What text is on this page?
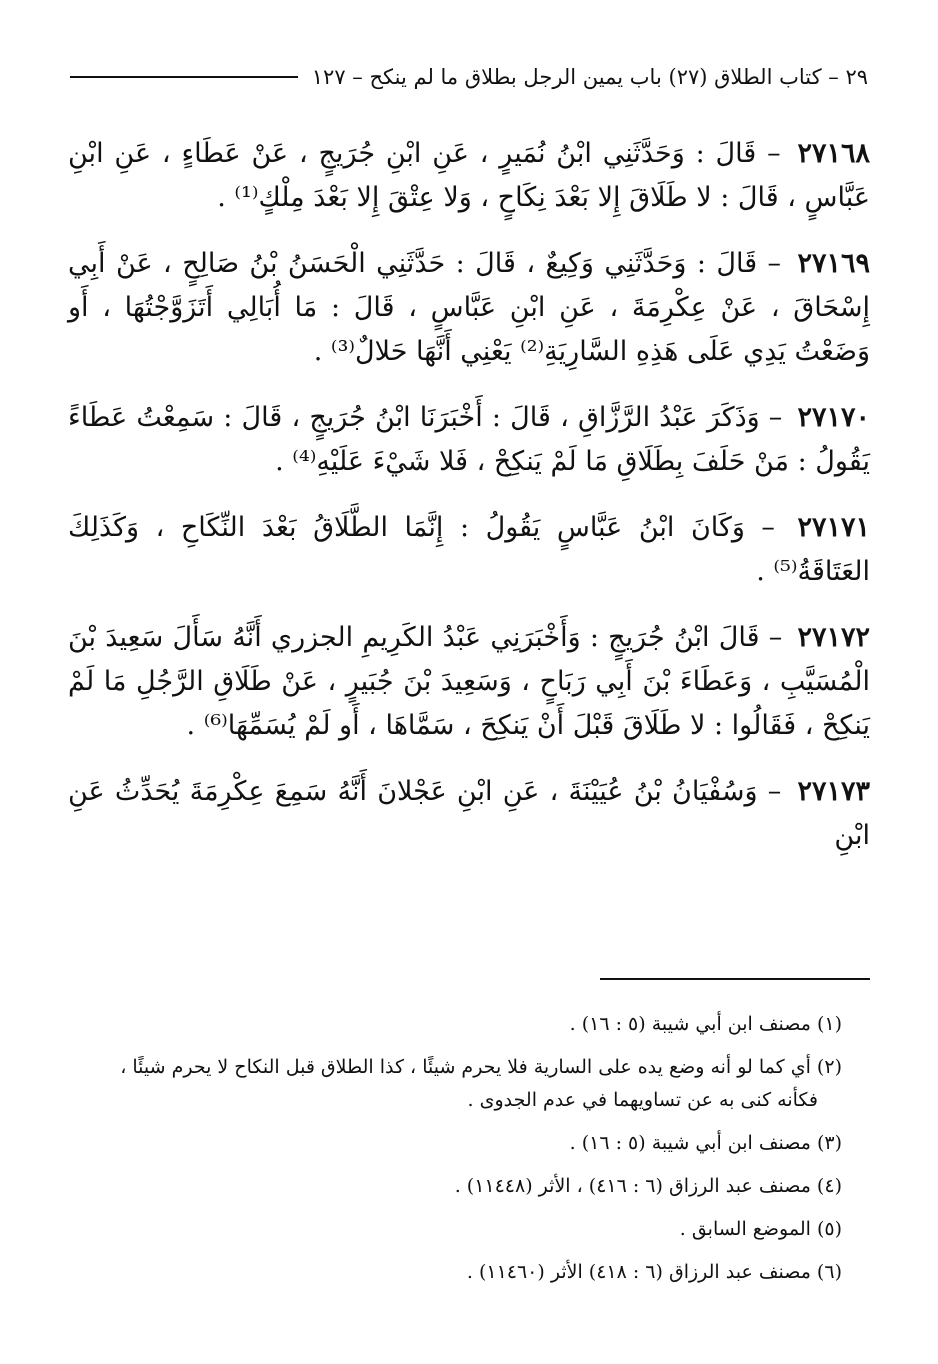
٢٩ – كتاب الطلاق (٢٧) باب يمين الرجل بطلاق ما لم ينكح – ١٢٧

٢٧١٦٨ – قَالَ : وَحَدَّثَنِي ابْنُ نُمَيرٍ ، عَنِ ابْنِ جُرَيجٍ ، عَنْ عَطَاءٍ ، عَنِ ابْنِ عَبَّاسٍ ، قَالَ : لا طَلَاقَ إِلا بَعْدَ نِكَاحٍ ، وَلا عِتْقَ إِلا بَعْدَ مِلْكٍ⁽¹⁾ .

٢٧١٦٩ – قَالَ : وَحَدَّثَنِي وَكِيعٌ ، قَالَ : حَدَّثَنِي الْحَسَنُ بْنُ صَالِحٍ ، عَنْ أَبِي إِسْحَاقَ ، عَنْ عِكْرِمَةَ ، عَنِ ابْنِ عَبَّاسٍ ، قَالَ : مَا أُبَالِي أَتَزَوَّجْتُهَا ، أَو وَضَعْتُ يَدِي عَلَى هَذِهِ السَّارِيَةِ⁽²⁾ يَعْنِي أَنَّهَا حَلالٌ⁽³⁾ .

٢٧١٧٠ – وَذَكَرَ عَبْدُ الرَّزَّاقِ ، قَالَ : أَخْبَرَنَا ابْنُ جُرَيجٍ ، قَالَ : سَمِعْتُ عَطَاءً يَقُولُ : مَنْ حَلَفَ بِطَلَاقِ مَا لَمْ يَنكِحْ ، فَلا شَيْءَ عَلَيْهِ⁽⁴⁾ .

٢٧١٧١ – وَكَانَ ابْنُ عَبَّاسٍ يَقُولُ : إِنَّمَا الطَّلَاقُ بَعْدَ النِّكَاحِ ، وَكَذَلِكَ العَتَاقَةُ⁽⁵⁾ .

٢٧١٧٢ – قَالَ ابْنُ جُرَيجٍ : وَأَخْبَرَنِي عَبْدُ الكَرِيمِ الجزري أَنَّهُ سَأَلَ سَعِيدَ بْنَ الْمُسَيَّبِ ، وَعَطَاءَ بْنَ أَبِي رَبَاحٍ ، وَسَعِيدَ بْنَ جُبَيرٍ ، عَنْ طَلَاقِ الرَّجُلِ مَا لَمْ يَنكِحْ ، فَقَالُوا : لا طَلَاقَ قَبْلَ أَنْ يَنكِحَ ، سَمَّاهَا ، أَو لَمْ يُسَمِّهَا⁽⁶⁾ .

٢٧١٧٣ – وَسُفْيَانُ بْنُ عُيَيْنَةَ ، عَنِ ابْنِ عَجْلانَ أَنَّهُ سَمِعَ عِكْرِمَةَ يُحَدِّثُ عَنِ ابْنِ

(١) مصنف ابن أبي شيبة (٥ : ١٦) .

(٢) أي كما لو أنه وضع يده على السارية فلا يحرم شيئًا ، كذا الطلاق قبل النكاح لا يحرم شيئًا ،

فكأنه كنى به عن تساويهما في عدم الجدوى .

(٣) مصنف ابن أبي شيبة (٥ : ١٦) .

(٤) مصنف عبد الرزاق (٦ : ٤١٦) ، الأثر (١١٤٤٨) .

(٥) الموضع السابق .

(٦) مصنف عبد الرزاق (٦ : ٤١٨) الأثر (١١٤٦٠) .
